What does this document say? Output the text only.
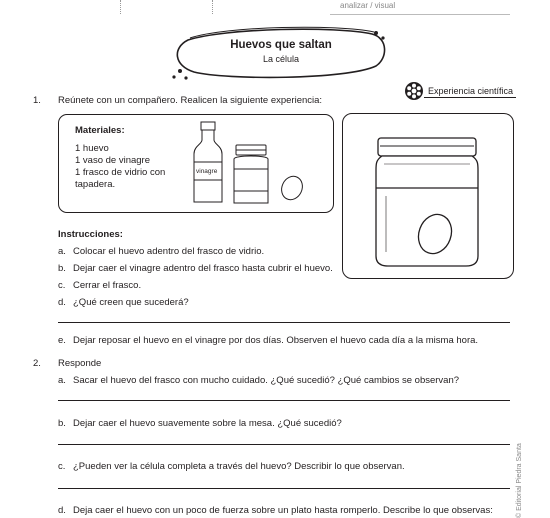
analizar / visual
Huevos que saltan
La célula
Experiencia científica
1. Reúnete con un compañero. Realicen la siguiente experiencia:
Materiales:
1 huevo
1 vaso de vinagre
1 frasco de vidrio con
tapadera.
vinagre
Instrucciones:
a. Colocar el huevo adentro del frasco de vidrio.
b. Dejar caer el vinagre adentro del frasco hasta cubrir el huevo.
c. Cerrar el frasco.
d. ¿Qué creen que sucederá?
e. Dejar reposar el huevo en el vinagre por dos días. Observen el huevo cada día a la misma hora.
2. Responde
a. Sacar el huevo del frasco con mucho cuidado. ¿Qué sucedió? ¿Qué cambios se observan?
b. Dejar caer el huevo suavemente sobre la mesa. ¿Qué sucedió?
c. ¿Pueden ver la célula completa a través del huevo? Describir lo que observan.
d. Deja caer el huevo con un poco de fuerza sobre un plato hasta romperlo. Describe lo que observas:	© Editorial Piedra Santa
